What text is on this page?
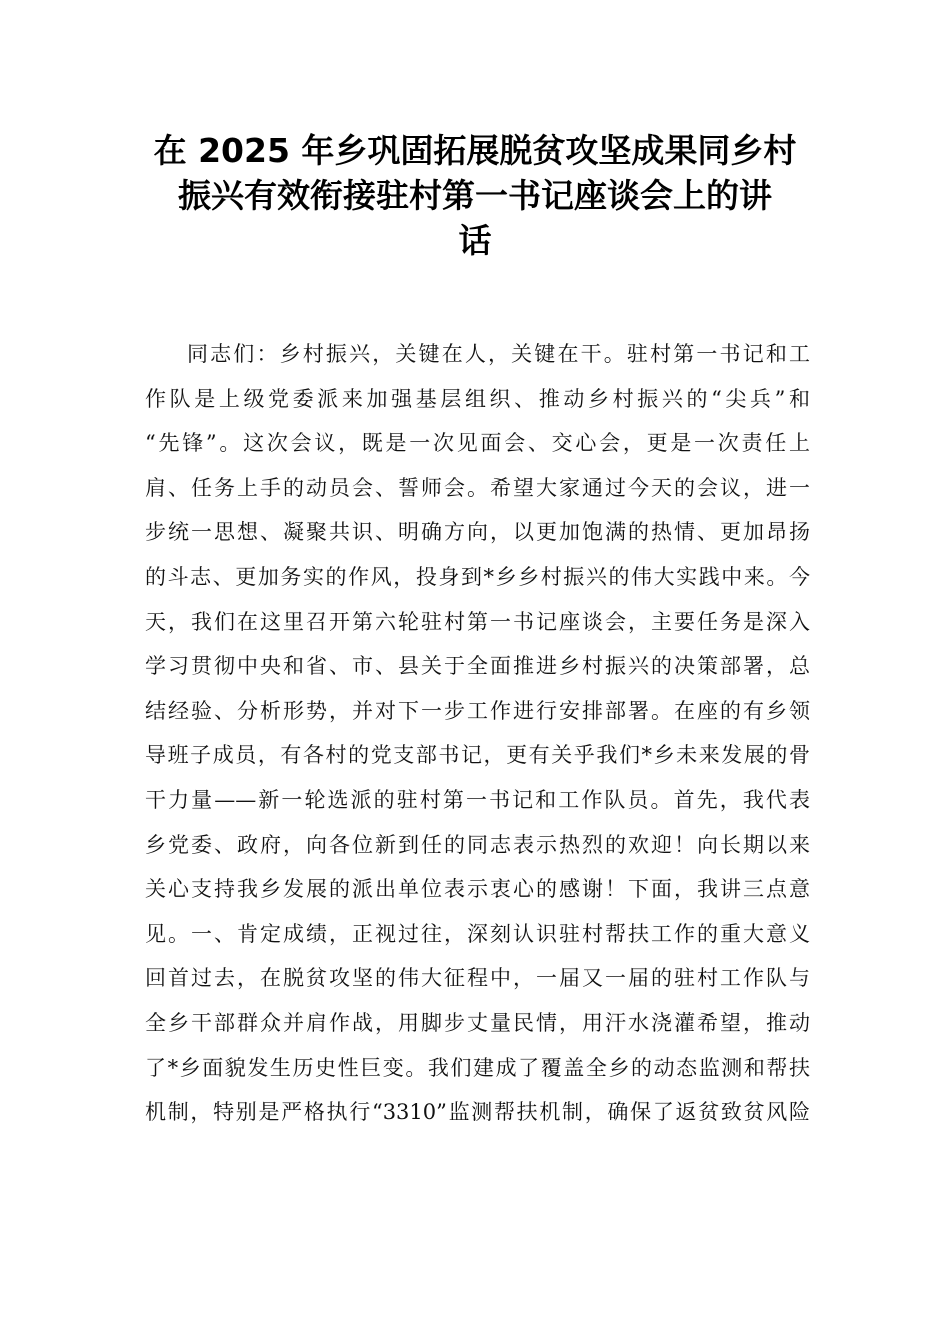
在 2025 年乡巩固拓展脱贫攻坚成果同乡村
振兴有效衔接驻村第一书记座谈会上的讲
话
同志们：乡村振兴，关键在人，关键在干。驻村第一书记和工
作队是上级党委派来加强基层组织、推动乡村振兴的“尖兵”和
“先锋”。这次会议，既是一次见面会、交心会，更是一次责任上
肩、任务上手的动员会、誓师会。希望大家通过今天的会议，进一
步统一思想、凝聚共识、明确方向，以更加饱满的热情、更加昂扬
的斗志、更加务实的作风，投身到*乡乡村振兴的伟大实践中来。今
天，我们在这里召开第六轮驻村第一书记座谈会，主要任务是深入
学习贯彻中央和省、市、县关于全面推进乡村振兴的决策部署，总
结经验、分析形势，并对下一步工作进行安排部署。在座的有乡领
导班子成员，有各村的党支部书记，更有关乎我们*乡未来发展的骨
干力量——新一轮选派的驻村第一书记和工作队员。首先，我代表
乡党委、政府，向各位新到任的同志表示热烈的欢迎！向长期以来
关心支持我乡发展的派出单位表示衷心的感谢！下面，我讲三点意
见。一、肯定成绩，正视过往，深刻认识驻村帮扶工作的重大意义
回首过去，在脱贫攻坚的伟大征程中，一届又一届的驻村工作队与
全乡干部群众并肩作战，用脚步丈量民情，用汗水浇灌希望，推动
了*乡面貌发生历史性巨变。我们建成了覆盖全乡的动态监测和帮扶
机制，特别是严格执行“3310”监测帮扶机制，确保了返贫致贫风险
